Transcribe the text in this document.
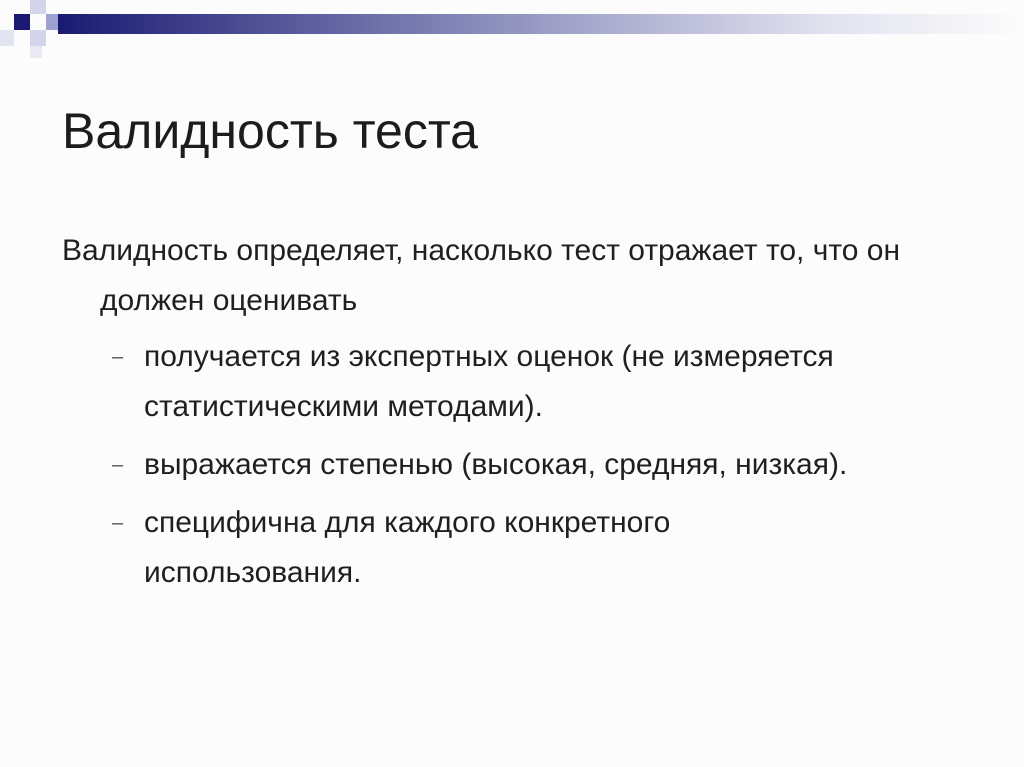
Валидность теста

Валидность определяет, насколько тест отражает то, что он должен оценивать

– получается из экспертных оценок (не измеряется статистическими методами).
– выражается степенью (высокая, средняя, низкая).
– специфична для каждого конкретного использования.
